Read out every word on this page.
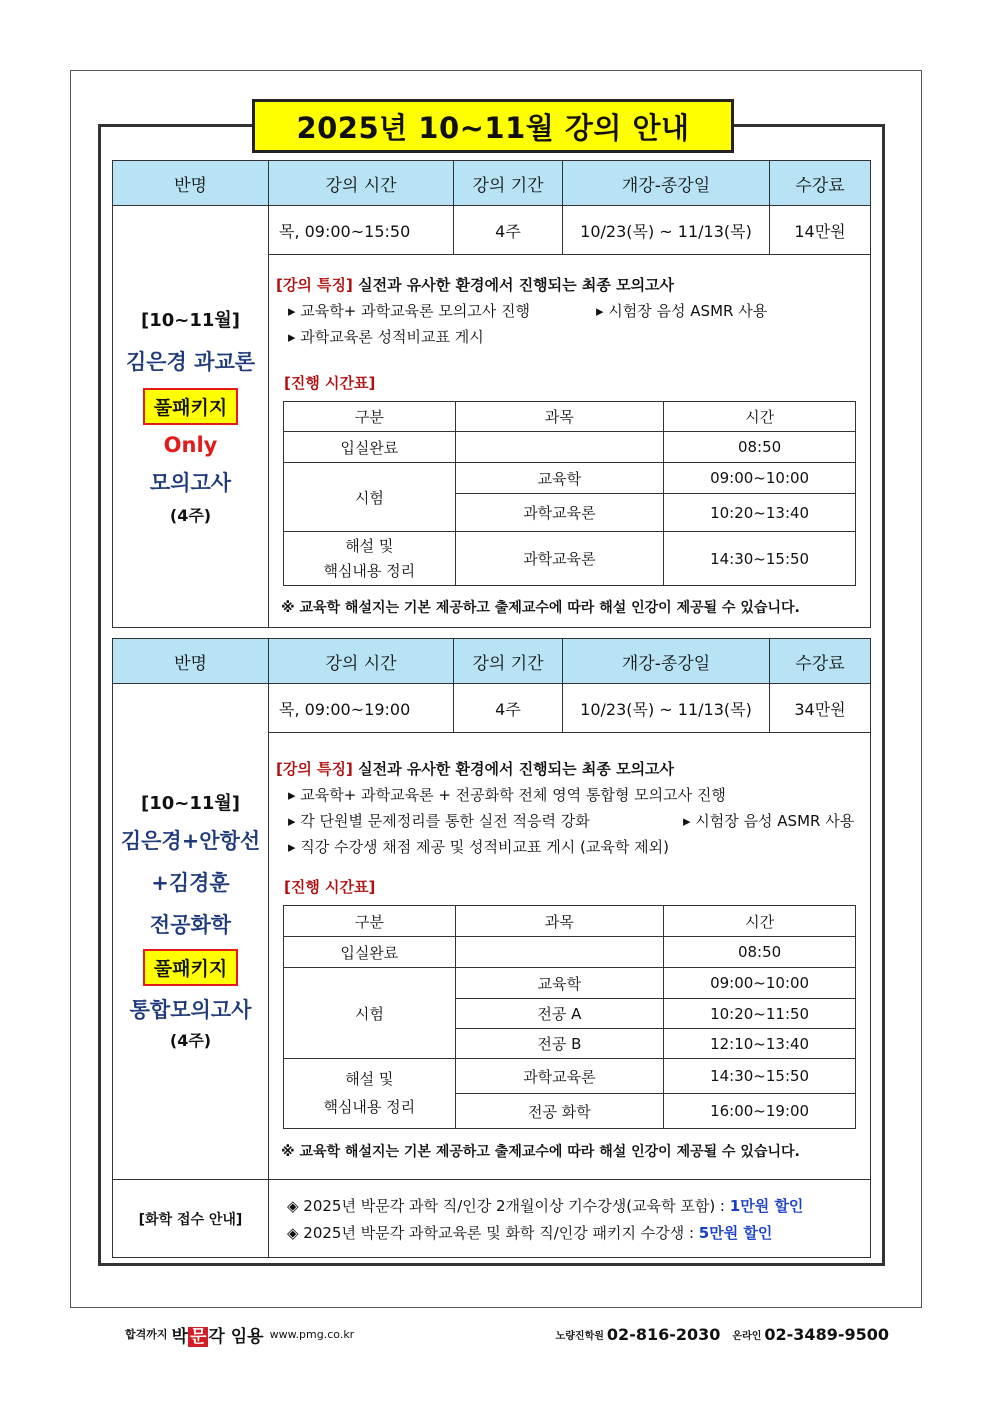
2025년 10~11월 강의 안내
반명	강의 시간	강의 기간	개강-종강일	수강료
[10~11월]
김은경 과교론
풀패키지
Only
모의고사
(4주)
목, 09:00~15:50	4주	10/23(목) ~ 11/13(목)	14만원
[강의 특징] 실전과 유사한 환경에서 진행되는 최종 모의고사
▸ 교육학+ 과학교육론 모의고사 진행	▸ 시험장 음성 ASMR 사용
▸ 과학교육론 성적비교표 게시
[진행 시간표]
구분	과목	시간
입실완료		08:50
시험	교육학	09:00~10:00
	과학교육론	10:20~13:40
해설 및
핵심내용 정리	과학교육론	14:30~15:50
※ 교육학 해설지는 기본 제공하고 출제교수에 따라 해설 인강이 제공될 수 있습니다.
반명	강의 시간	강의 기간	개강-종강일	수강료
[10~11월]
김은경+안항선
+김경훈
전공화학
풀패키지
통합모의고사
(4주)
목, 09:00~19:00	4주	10/23(목) ~ 11/13(목)	34만원
[강의 특징] 실전과 유사한 환경에서 진행되는 최종 모의고사
▸ 교육학+ 과학교육론 + 전공화학 전체 영역 통합형 모의고사 진행
▸ 각 단원별 문제정리를 통한 실전 적응력 강화	▸ 시험장 음성 ASMR 사용
▸ 직강 수강생 채점 제공 및 성적비교표 게시 (교육학 제외)
[진행 시간표]
구분	과목	시간
입실완료		08:50
시험	교육학	09:00~10:00
	전공 A	10:20~11:50
	전공 B	12:10~13:40
해설 및
핵심내용 정리	과학교육론	14:30~15:50
	전공 화학	16:00~19:00
※ 교육학 해설지는 기본 제공하고 출제교수에 따라 해설 인강이 제공될 수 있습니다.
[화학 접수 안내]
◈ 2025년 박문각 과학 직/인강 2개월이상 기수강생(교육학 포함) : 1만원 할인
◈ 2025년 박문각 과학교육론 및 화학 직/인강 패키지 수강생 : 5만원 할인
합격까지 박 문 각 임용 www.pmg.co.kr	노량진학원 02-816-2030 온라인 02-3489-9500
